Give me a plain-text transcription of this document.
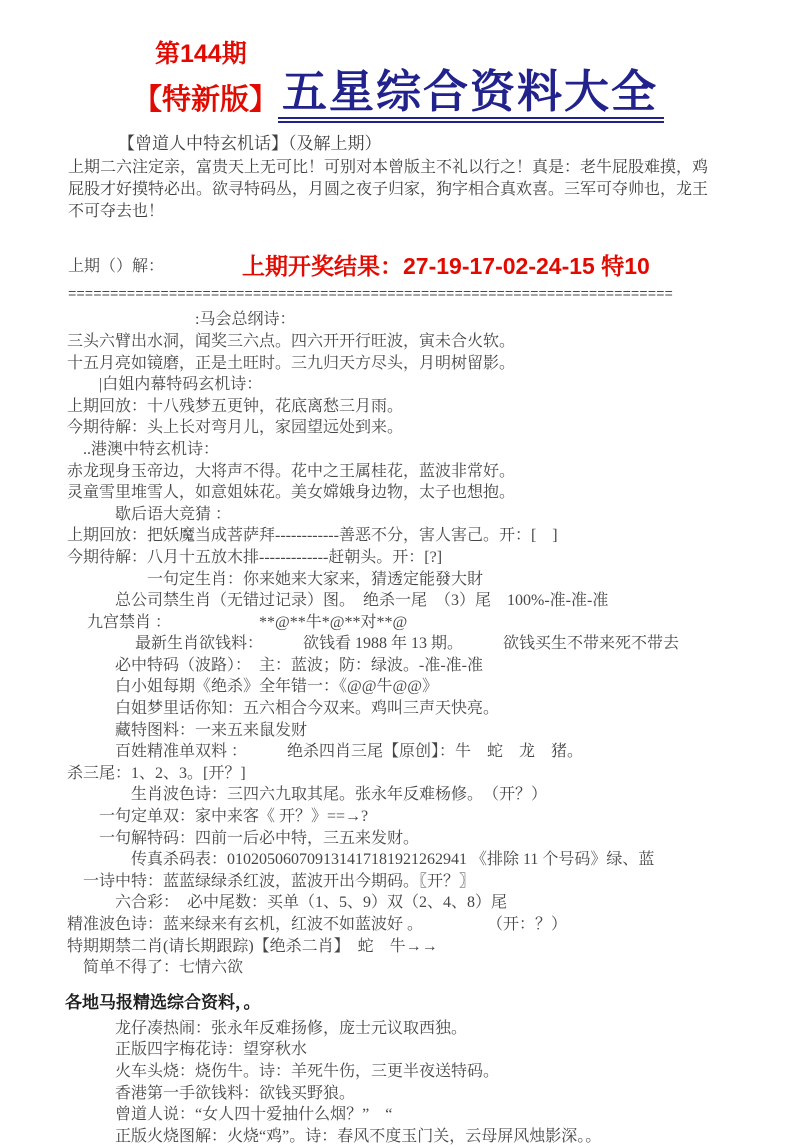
第144期
【特新版】 五星综合资料大全
【曾道人中特玄机话】（及解上期）
上期二六注定亲，富贵天上无可比！可别对本曾版主不礼以行之！真是：老牛屁股难摸，鸡
屁股才好摸特必出。欲寻特码丛，月圆之夜子归家，狗字相合真欢喜。三军可夺帅也，龙王
不可夺去也！
上期（）解：	上期开奖结果：27-19-17-02-24-15 特10
========================================================================
　　　　　　　　:马会总纲诗：
三头六臂出水洞，闻奖三六点。四六开开行旺波，寅未合火软。
十五月亮如镜磨，正是土旺时。三九归天方尽头，月明树留影。
　　|白姐内幕特码玄机诗：
上期回放：十八残梦五更钟，花底离愁三月雨。
今期待解：头上长对弯月儿，家园望远处到来。
　..港澳中特玄机诗：
赤龙现身玉帝边，大将声不得。花中之王属桂花，蓝波非常好。
灵童雪里堆雪人，如意姐妹花。美女嫦娥身边物，太子也想抱。
　　　歇后语大竞猜 ：
上期回放：把妖魔当成菩萨拜------------善恶不分，害人害己。开：[　]
今期待解：八月十五放木排-------------赶朝头。开：[?]
　　　　　一句定生肖：你来她来大家来，猜透定能發大財
　　　总公司禁生肖（无错过记录）图。　绝杀一尾　（3）尾　100%-准-准-准
　 九宫禁肖 ：　　　　　　**@**牛*@**对**@
　　　　 最新生肖欲钱料：　　　欲钱看 1988 年 13 期。　　　欲钱买生不带来死不带去
　　　必中特码（波路）：　主：蓝波；防：绿波。-准-准-准
　　　白小姐每期《绝杀》全年错一：《@@牛@@》
　　　白姐梦里话你知：五六相合今双来。鸡叫三声天快亮。
　　　藏特图料：一来五来鼠发财
　　　百姓精准单双料 ：　　　绝杀四肖三尾【原创】：牛　蛇　龙　猪。
杀三尾：1、2、3。[开？]
　　　　生肖波色诗：三四六九取其尾。张永年反难杨修。　（开？）
　　一句定单双：家中来客《 开？》==→?
　　一句解特码：四前一后必中特，三五来发财。
　　　　传真杀码表：010205060709131417181921262941 《排除 11 个号码》绿、蓝
　一诗中特：蓝蓝绿绿杀红波，蓝波开出今期码。〖开？〗
　　　六合彩：　必中尾数：买单（1、5、9）双（2、4、8）尾
精准波色诗：蓝来绿来有玄机，红波不如蓝波好 。　　　　　（开：？）
特期期禁二肖(请长期跟踪)【绝杀二肖】　蛇　牛→→
　简单不得了：七情六欲
各地马报精选综合资料，。
　　　龙仔凑热闹：张永年反难扬修，庞士元议取西独。
　　　正版四字梅花诗：望穿秋水
　　　火车头烧：烧伤牛。诗：羊死牛伤，三更半夜送特码。
　　　香港第一手欲钱料：欲钱买野狼。
　　　曾道人说：“女人四十爱抽什么烟？”　“
　　　正版火烧图解：火烧“鸡”。诗：春风不度玉门关，云母屏风烛影深。。
